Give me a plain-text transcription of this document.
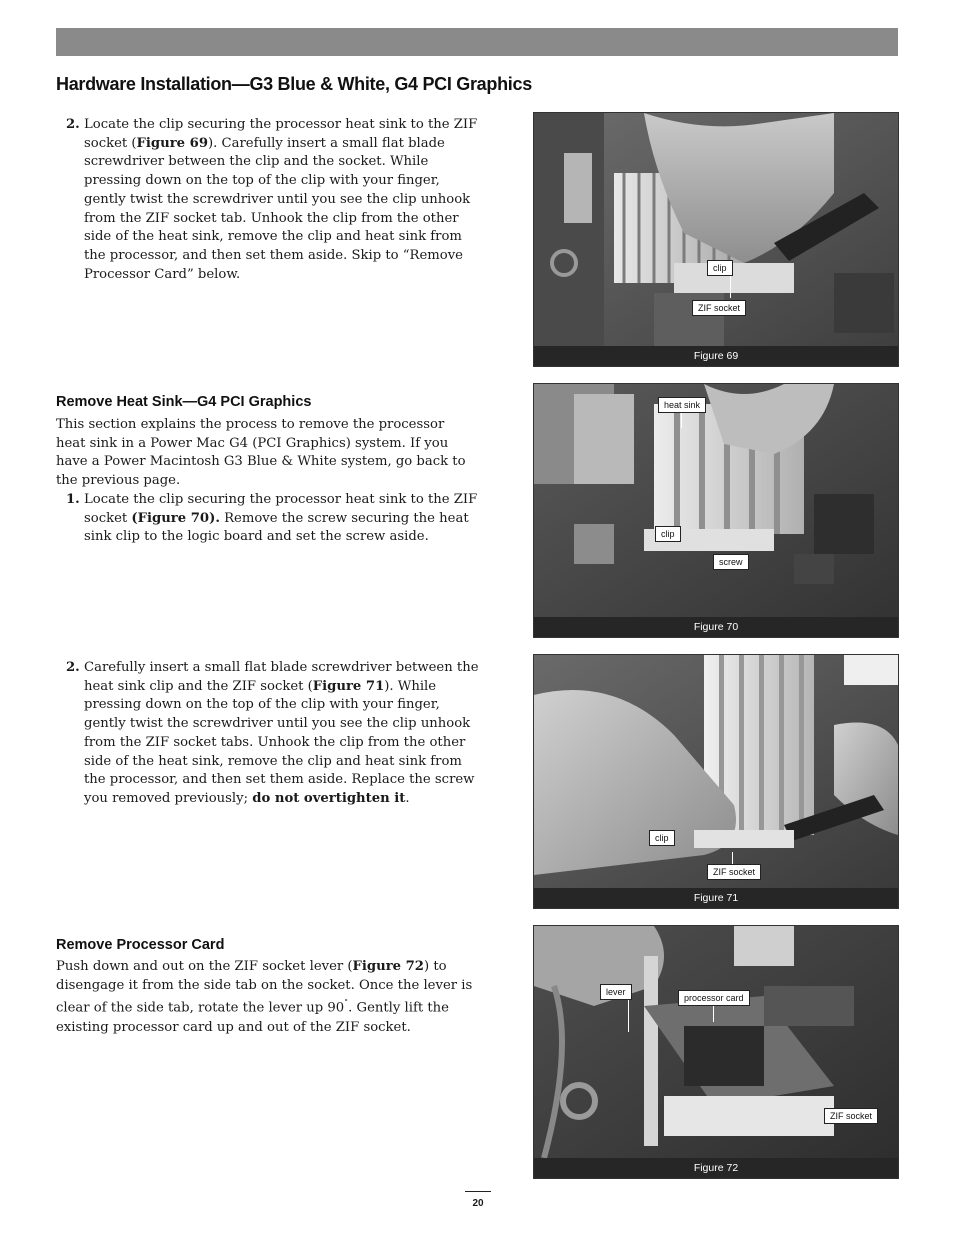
Hardware Installation—G3 Blue & White, G4 PCI Graphics
2. Locate the clip securing the processor heat sink to the ZIF socket (Figure 69). Carefully insert a small flat blade screwdriver between the clip and the socket. While pressing down on the top of the clip with your finger, gently twist the screwdriver until you see the clip unhook from the ZIF socket tab. Unhook the clip from the other side of the heat sink, remove the clip and heat sink from the processor, and then set them aside. Skip to “Remove Processor Card” below.
Remove Heat Sink—G4 PCI Graphics

This section explains the process to remove the processor heat sink in a Power Mac G4 (PCI Graphics) system. If you have a Power Macintosh G3 Blue & White system, go back to the previous page.

1. Locate the clip securing the processor heat sink to the ZIF socket (Figure 70). Remove the screw securing the heat sink clip to the logic board and set the screw aside.
2. Carefully insert a small flat blade screwdriver between the heat sink clip and the ZIF socket (Figure 71). While pressing down on the top of the clip with your finger, gently twist the screwdriver until you see the clip unhook from the ZIF socket tabs. Unhook the clip from the other side of the heat sink, remove the clip and heat sink from the processor, and then set them aside. Replace the screw you removed previously; do not overtighten it.
Remove Processor Card

Push down and out on the ZIF socket lever (Figure 72) to disengage it from the side tab on the socket. Once the lever is clear of the side tab, rotate the lever up 90˚. Gently lift the existing processor card up and out of the ZIF socket.

clip
ZIF socket
Figure 69
heat sink
clip
screw
Figure 70
clip
ZIF socket
Figure 71
lever
processor card
ZIF socket
Figure 72
20
